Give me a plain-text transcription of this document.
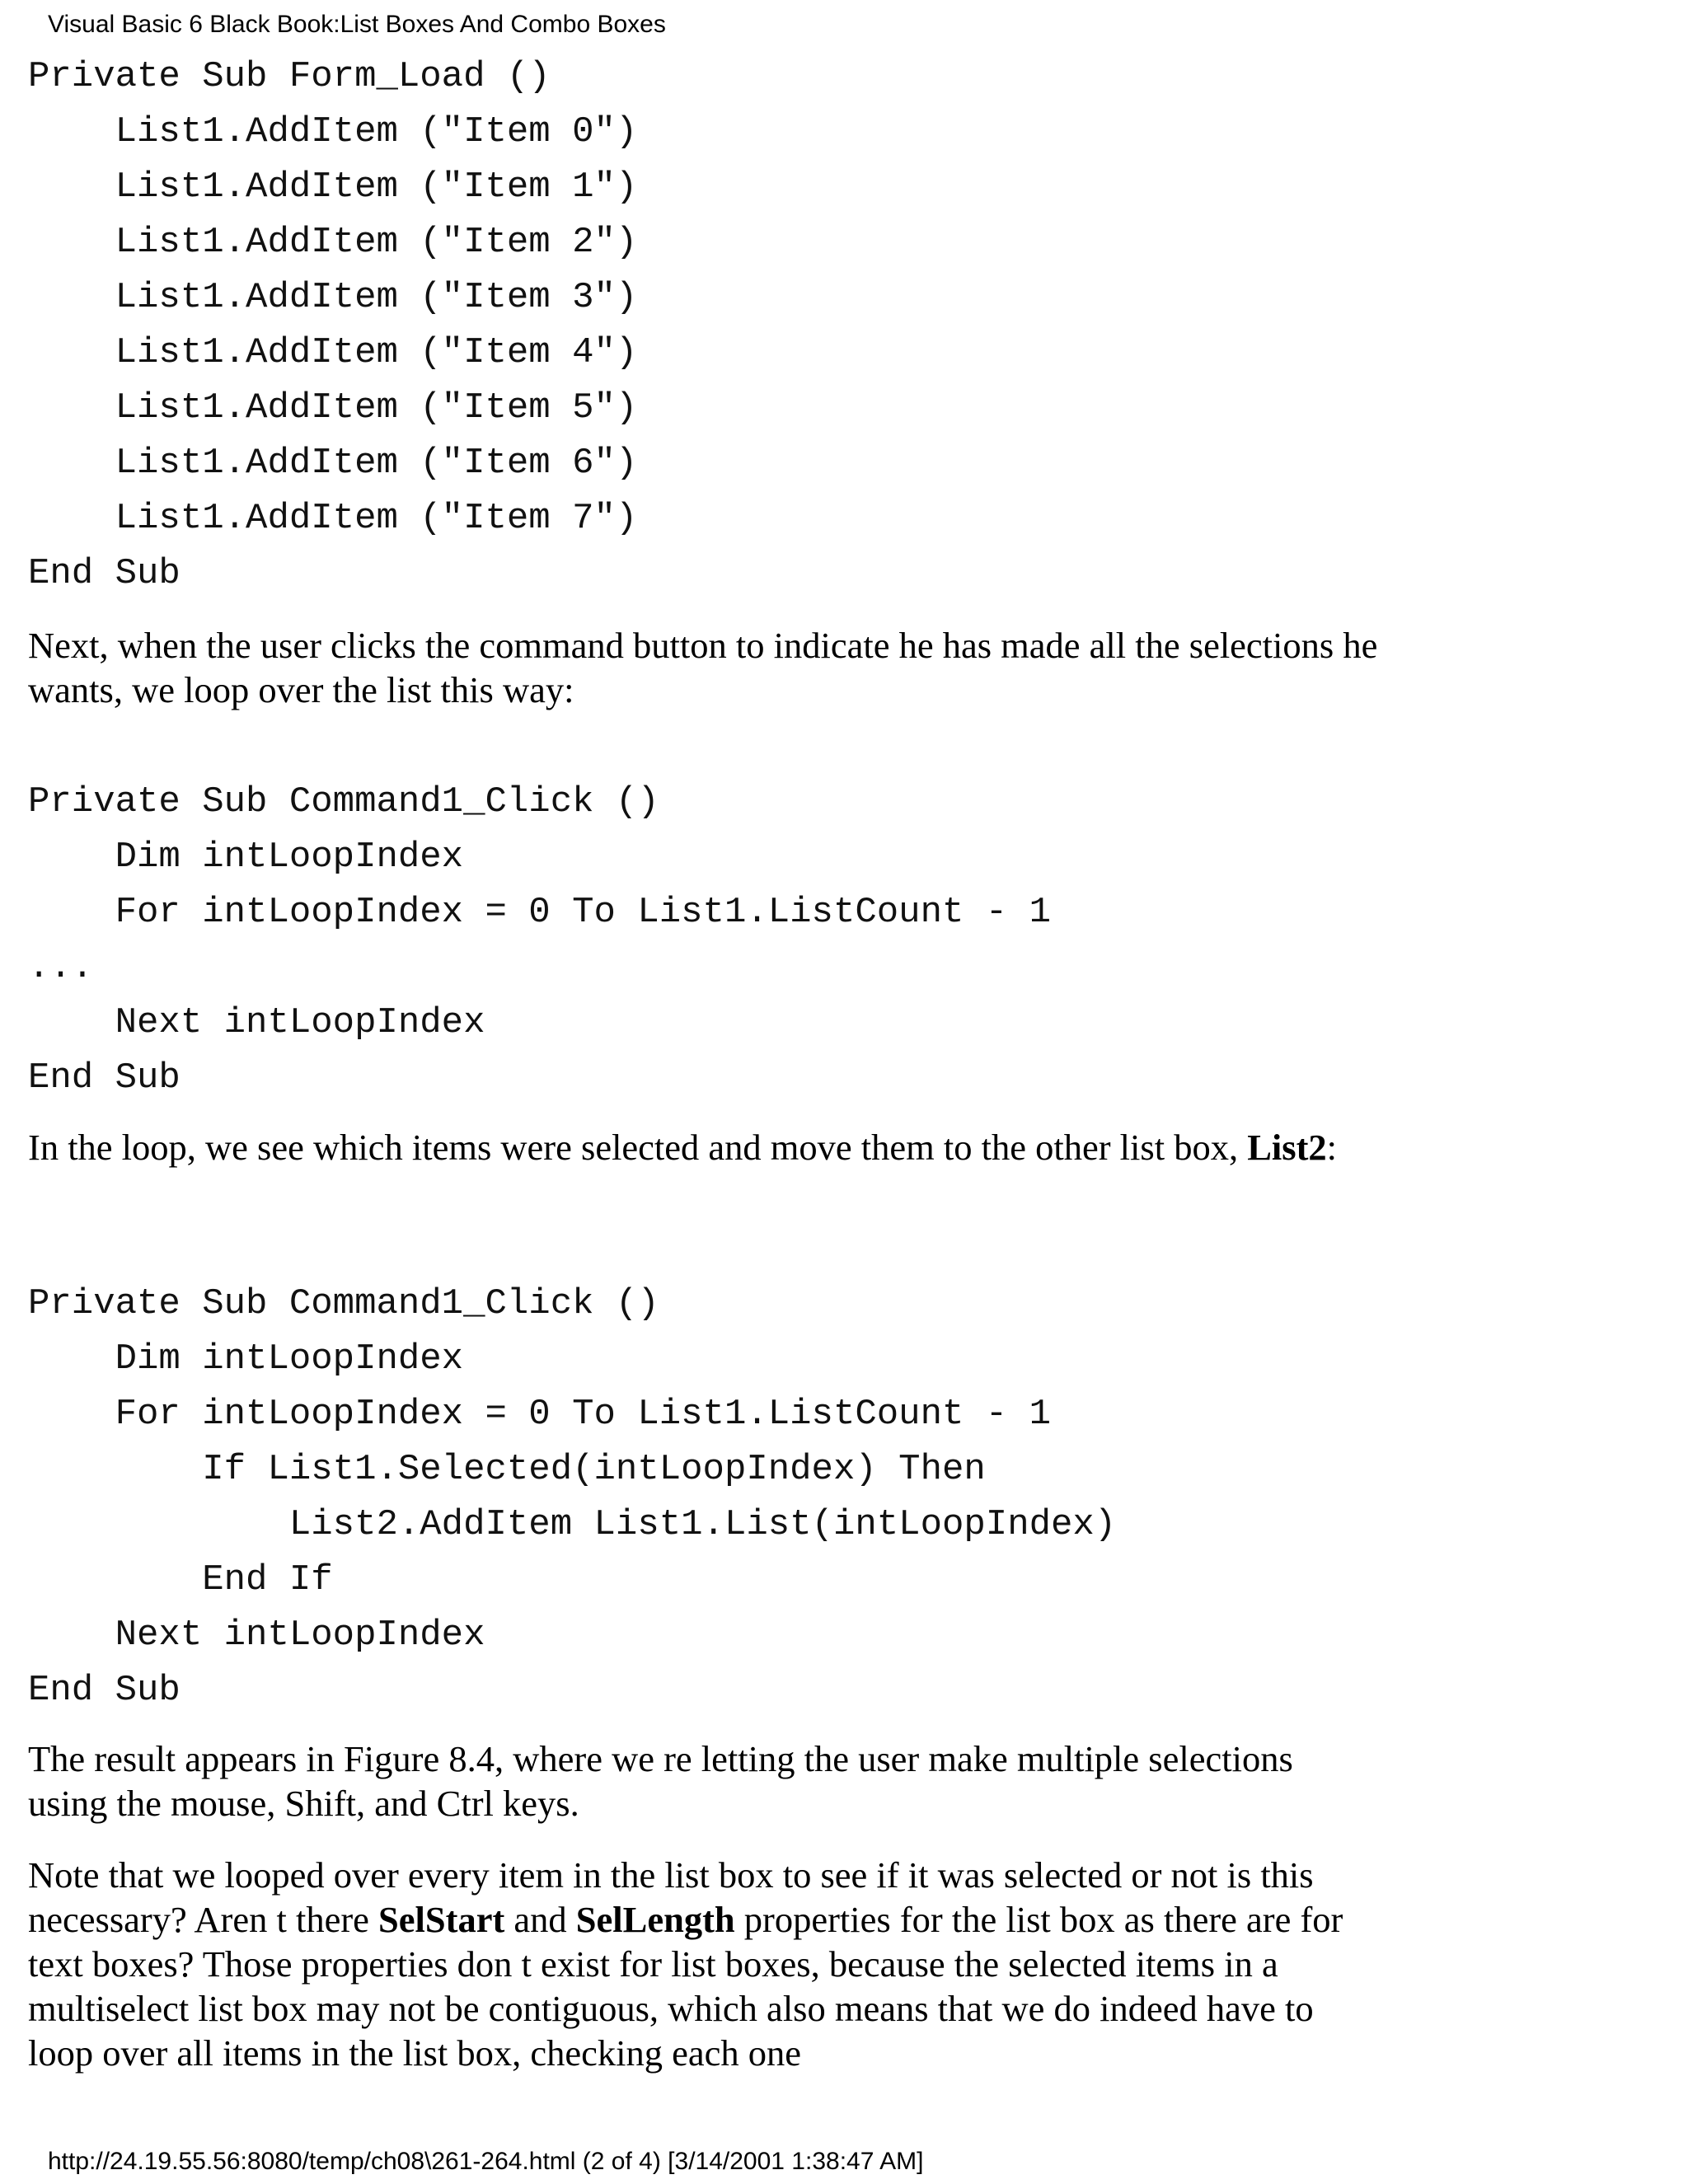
Visual Basic 6 Black Book:List Boxes And Combo Boxes
Private Sub Form_Load ()
List1.AddItem ("Item 0")
List1.AddItem ("Item 1")
List1.AddItem ("Item 2")
List1.AddItem ("Item 3")
List1.AddItem ("Item 4")
List1.AddItem ("Item 5")
List1.AddItem ("Item 6")
List1.AddItem ("Item 7")
End Sub

Next, when the user clicks the command button to indicate he has made all the selections he wants, we loop over the list this way:

Private Sub Command1_Click ()
Dim intLoopIndex
For intLoopIndex = 0 To List1.ListCount - 1
...
Next intLoopIndex
End Sub

In the loop, we see which items were selected and move them to the other list box, List2:

Private Sub Command1_Click ()
Dim intLoopIndex
For intLoopIndex = 0 To List1.ListCount - 1
If List1.Selected(intLoopIndex) Then
List2.AddItem List1.List(intLoopIndex)
End If
Next intLoopIndex
End Sub

The result appears in Figure 8.4, where we re letting the user make multiple selections using the mouse, Shift, and Ctrl keys.

Note that we looped over every item in the list box to see if it was selected or not is this necessary? Aren t there SelStart and SelLength properties for the list box as there are for text boxes? Those properties don t exist for list boxes, because the selected items in a multiselect list box may not be contiguous, which also means that we do indeed have to loop over all items in the list box, checking each one

http://24.19.55.56:8080/temp/ch08\261-264.html (2 of 4) [3/14/2001 1:38:47 AM]
